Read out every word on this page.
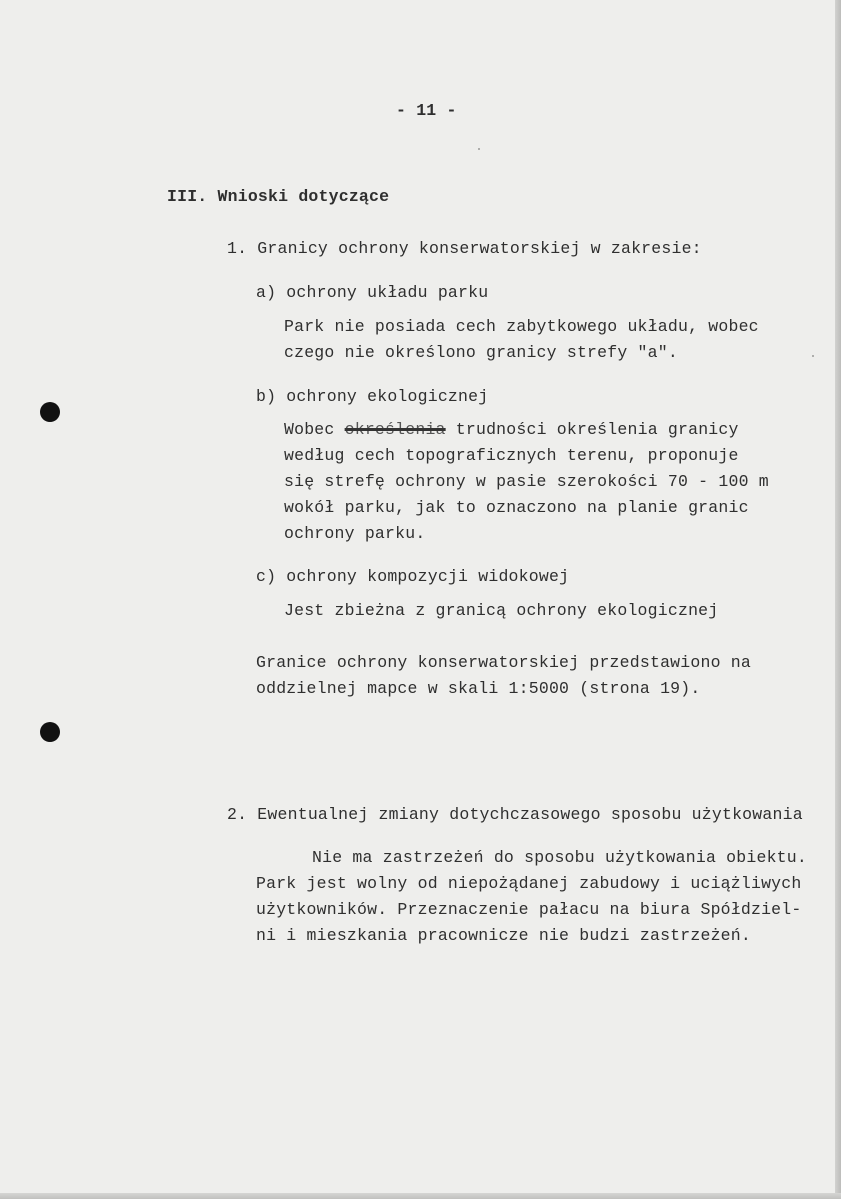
- 11 -
III. Wnioski dotyczące
1. Granicy ochrony konserwatorskiej w zakresie:
a) ochrony układu parku
Park nie posiada cech zabytkowego układu, wobec
czego nie określono granicy strefy "a".
b) ochrony ekologicznej
Wobec określenia trudności określenia granicy
według cech topograficznych terenu, proponuje
się strefę ochrony w pasie szerokości 70 - 100 m
wokół parku, jak to oznaczono na planie granic
ochrony parku.
c) ochrony kompozycji widokowej
Jest zbieżna z granicą ochrony ekologicznej
Granice ochrony konserwatorskiej przedstawiono na
oddzielnej mapce w skali 1:5000 (strona 19).
2. Ewentualnej zmiany dotychczasowego sposobu użytkowania
Nie ma zastrzeżeń do sposobu użytkowania obiektu.
Park jest wolny od niepożądanej zabudowy i uciążliwych
użytkowników. Przeznaczenie pałacu na biura Spółdziel-
ni i mieszkania pracownicze nie budzi zastrzeżeń.
